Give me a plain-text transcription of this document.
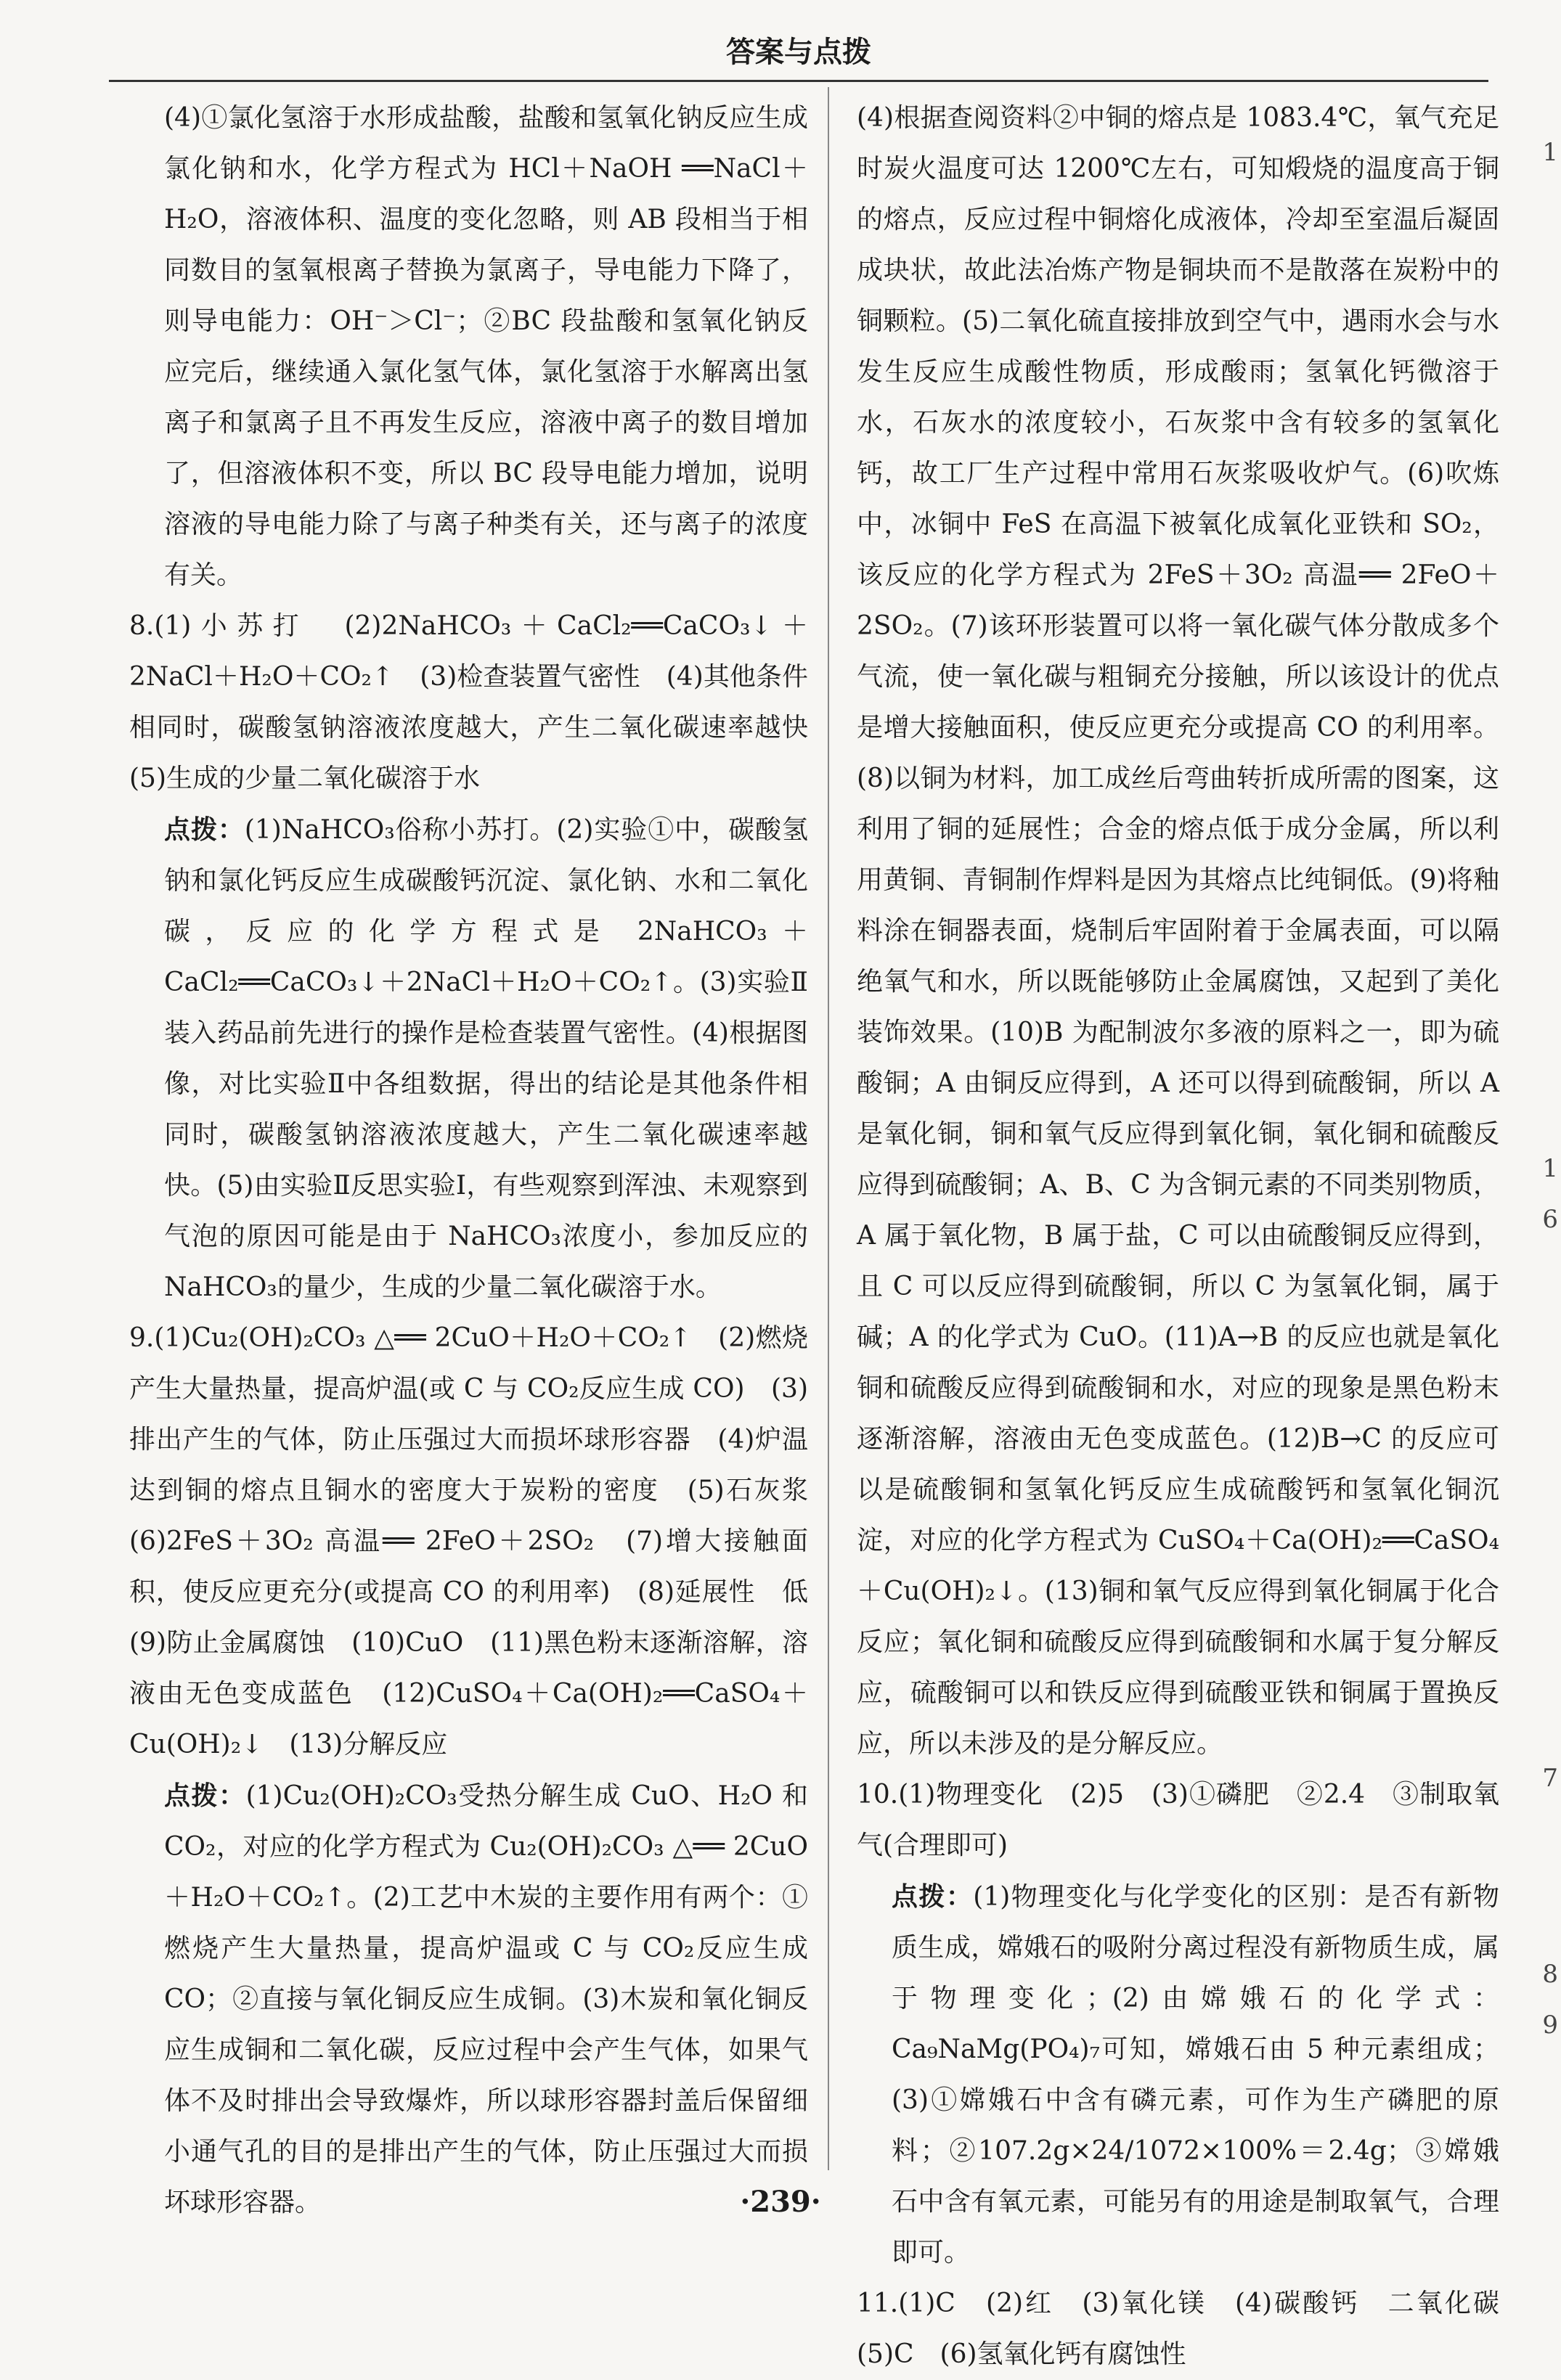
答案与点拨

(4)①氯化氢溶于水形成盐酸，盐酸和氢氧化钠反应生成氯化钠和水，化学方程式为 HCl＋NaOH ══NaCl＋H₂O，溶液体积、温度的变化忽略，则 AB 段相当于相同数目的氢氧根离子替换为氯离子，导电能力下降了，则导电能力：OH⁻＞Cl⁻；②BC 段盐酸和氢氧化钠反应完后，继续通入氯化氢气体，氯化氢溶于水解离出氢离子和氯离子且不再发生反应，溶液中离子的数目增加了，但溶液体积不变，所以 BC 段导电能力增加，说明溶液的导电能力除了与离子种类有关，还与离子的浓度有关。

8.(1)小苏打　(2)2NaHCO₃＋CaCl₂══CaCO₃↓＋2NaCl＋H₂O＋CO₂↑　(3)检查装置气密性　(4)其他条件相同时，碳酸氢钠溶液浓度越大，产生二氧化碳速率越快　(5)生成的少量二氧化碳溶于水

点拨：(1)NaHCO₃俗称小苏打。(2)实验①中，碳酸氢钠和氯化钙反应生成碳酸钙沉淀、氯化钠、水和二氧化碳，反应的化学方程式是 2NaHCO₃＋CaCl₂══CaCO₃↓＋2NaCl＋H₂O＋CO₂↑。(3)实验Ⅱ装入药品前先进行的操作是检查装置气密性。(4)根据图像，对比实验Ⅱ中各组数据，得出的结论是其他条件相同时，碳酸氢钠溶液浓度越大，产生二氧化碳速率越快。(5)由实验Ⅱ反思实验Ⅰ，有些观察到浑浊、未观察到气泡的原因可能是由于 NaHCO₃浓度小，参加反应的 NaHCO₃的量少，生成的少量二氧化碳溶于水。

9.(1)Cu₂(OH)₂CO₃ △══ 2CuO＋H₂O＋CO₂↑　(2)燃烧产生大量热量，提高炉温(或 C 与 CO₂反应生成 CO)　(3)排出产生的气体，防止压强过大而损坏球形容器　(4)炉温达到铜的熔点且铜水的密度大于炭粉的密度　(5)石灰浆　(6)2FeS＋3O₂ 高温══ 2FeO＋2SO₂　(7)增大接触面积，使反应更充分(或提高 CO 的利用率)　(8)延展性　低　(9)防止金属腐蚀　(10)CuO　(11)黑色粉末逐渐溶解，溶液由无色变成蓝色　(12)CuSO₄＋Ca(OH)₂══CaSO₄＋Cu(OH)₂↓　(13)分解反应

点拨：(1)Cu₂(OH)₂CO₃受热分解生成 CuO、H₂O 和 CO₂，对应的化学方程式为 Cu₂(OH)₂CO₃ △══ 2CuO＋H₂O＋CO₂↑。(2)工艺中木炭的主要作用有两个：①燃烧产生大量热量，提高炉温或 C 与 CO₂反应生成 CO；②直接与氧化铜反应生成铜。(3)木炭和氧化铜反应生成铜和二氧化碳，反应过程中会产生气体，如果气体不及时排出会导致爆炸，所以球形容器封盖后保留细小通气孔的目的是排出产生的气体，防止压强过大而损坏球形容器。

(4)根据查阅资料②中铜的熔点是 1083.4℃，氧气充足时炭火温度可达 1200℃左右，可知煅烧的温度高于铜的熔点，反应过程中铜熔化成液体，冷却至室温后凝固成块状，故此法冶炼产物是铜块而不是散落在炭粉中的铜颗粒。(5)二氧化硫直接排放到空气中，遇雨水会与水发生反应生成酸性物质，形成酸雨；氢氧化钙微溶于水，石灰水的浓度较小，石灰浆中含有较多的氢氧化钙，故工厂生产过程中常用石灰浆吸收炉气。(6)吹炼中，冰铜中 FeS 在高温下被氧化成氧化亚铁和 SO₂，该反应的化学方程式为 2FeS＋3O₂ 高温══ 2FeO＋2SO₂。(7)该环形装置可以将一氧化碳气体分散成多个气流，使一氧化碳与粗铜充分接触，所以该设计的优点是增大接触面积，使反应更充分或提高 CO 的利用率。(8)以铜为材料，加工成丝后弯曲转折成所需的图案，这利用了铜的延展性；合金的熔点低于成分金属，所以利用黄铜、青铜制作焊料是因为其熔点比纯铜低。(9)将釉料涂在铜器表面，烧制后牢固附着于金属表面，可以隔绝氧气和水，所以既能够防止金属腐蚀，又起到了美化装饰效果。(10)B 为配制波尔多液的原料之一，即为硫酸铜；A 由铜反应得到，A 还可以得到硫酸铜，所以 A 是氧化铜，铜和氧气反应得到氧化铜，氧化铜和硫酸反应得到硫酸铜；A、B、C 为含铜元素的不同类别物质，A 属于氧化物，B 属于盐，C 可以由硫酸铜反应得到，且 C 可以反应得到硫酸铜，所以 C 为氢氧化铜，属于碱；A 的化学式为 CuO。(11)A→B 的反应也就是氧化铜和硫酸反应得到硫酸铜和水，对应的现象是黑色粉末逐渐溶解，溶液由无色变成蓝色。(12)B→C 的反应可以是硫酸铜和氢氧化钙反应生成硫酸钙和氢氧化铜沉淀，对应的化学方程式为 CuSO₄＋Ca(OH)₂══CaSO₄＋Cu(OH)₂↓。(13)铜和氧气反应得到氧化铜属于化合反应；氧化铜和硫酸反应得到硫酸铜和水属于复分解反应，硫酸铜可以和铁反应得到硫酸亚铁和铜属于置换反应，所以未涉及的是分解反应。

10.(1)物理变化　(2)5　(3)①磷肥　②2.4　③制取氧气(合理即可)

点拨：(1)物理变化与化学变化的区别：是否有新物质生成，嫦娥石的吸附分离过程没有新物质生成，属于物理变化；(2)由嫦娥石的化学式：Ca₉NaMg(PO₄)₇可知，嫦娥石由 5 种元素组成；(3)①嫦娥石中含有磷元素，可作为生产磷肥的原料；②107.2g×24/1072×100%＝2.4g；③嫦娥石中含有氧元素，可能另有的用途是制取氧气，合理即可。

11.(1)C　(2)红　(3)氧化镁　(4)碳酸钙　二氧化碳　(5)C　(6)氢氧化钙有腐蚀性

·239·
1
1
6
7
8
9
